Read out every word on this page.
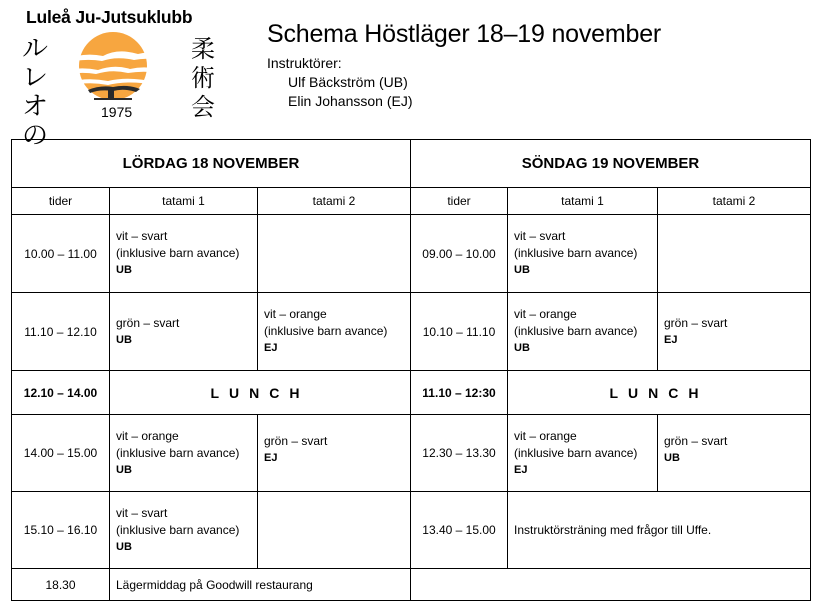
Luleå Ju-Jutsuklubb
ル
レ
オ
の
1975
柔
術
会
Schema Höstläger 18–19 november
Instruktörer:
Ulf Bäckström (UB)
Elin Johansson (EJ)
LÖRDAG 18 NOVEMBER			SÖNDAG 19 NOVEMBER		
tider	tatami 1	tatami 2	tider	tatami 1	tatami 2
10.00 – 11.00	vit – svart
(inklusive barn avance)
UB		09.00 – 10.00	vit – svart
(inklusive barn avance)
UB	

11.10 – 12.10	grön – svart
UB	vit – orange
(inklusive barn avance)
EJ	10.10 – 11.10	vit – orange
(inklusive barn avance)
UB	grön – svart
EJ

12.10 – 14.00	LUNCH		11.10 – 12:30	LUNCH	
14.00 – 15.00	vit – orange
(inklusive barn avance)
UB	grön – svart
EJ	12.30 – 13.30	vit – orange
(inklusive barn avance)
EJ	grön – svart
UB

15.10 – 16.10	vit – svart
(inklusive barn avance)
UB		13.40 – 15.00	Instruktörsträning med frågor till Uffe.	
18.30	Lägermiddag på Goodwill restaurang				
